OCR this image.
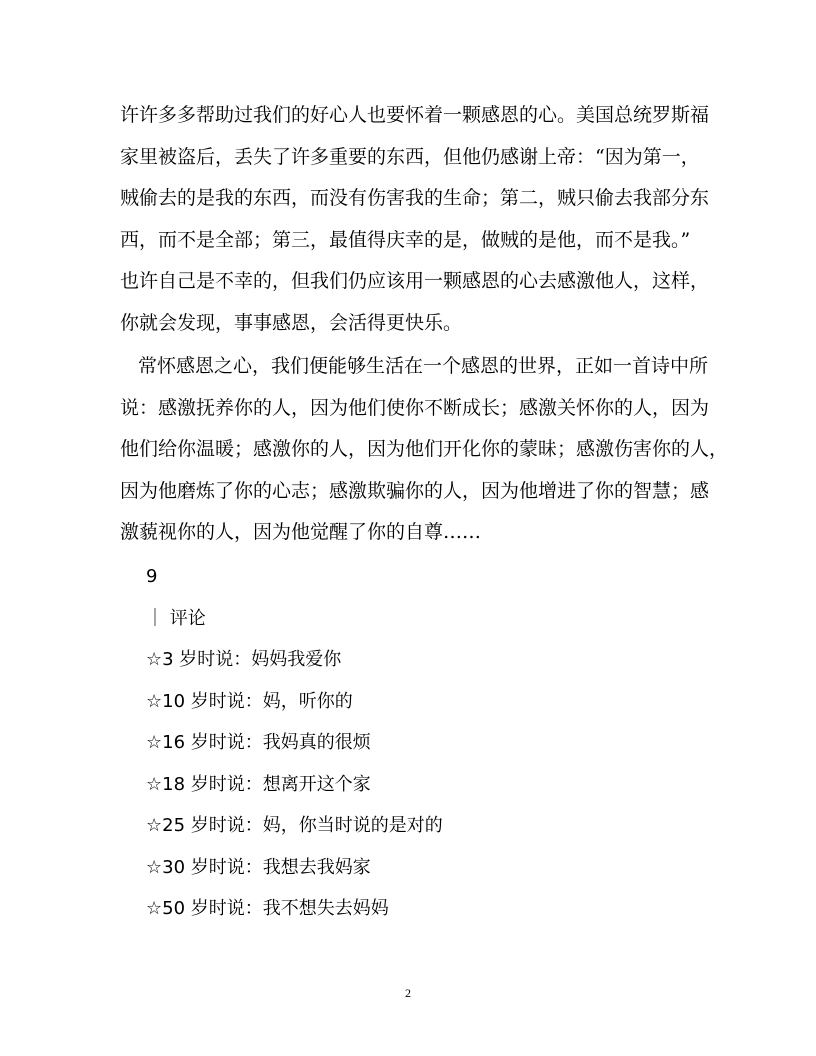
许许多多帮助过我们的好心人也要怀着一颗感恩的心。美国总统罗斯福
家里被盗后，丢失了许多重要的东西，但他仍感谢上帝：“因为第一，
贼偷去的是我的东西，而没有伤害我的生命；第二，贼只偷去我部分东
西，而不是全部；第三，最值得庆幸的是，做贼的是他，而不是我。”
也许自己是不幸的，但我们仍应该用一颗感恩的心去感激他人，这样，
你就会发现，事事感恩，会活得更快乐。
常怀感恩之心，我们便能够生活在一个感恩的世界，正如一首诗中所
说：感激抚养你的人，因为他们使你不断成长；感激关怀你的人，因为
他们给你温暖；感激你的人，因为他们开化你的蒙昧；感激伤害你的人，
因为他磨炼了你的心志；感激欺骗你的人，因为他增进了你的智慧；感
激藐视你的人，因为他觉醒了你的自尊……
9
｜ 评论
☆3 岁时说：妈妈我爱你
☆10 岁时说：妈，听你的
☆16 岁时说：我妈真的很烦
☆18 岁时说：想离开这个家
☆25 岁时说：妈，你当时说的是对的
☆30 岁时说：我想去我妈家
☆50 岁时说：我不想失去妈妈
2
